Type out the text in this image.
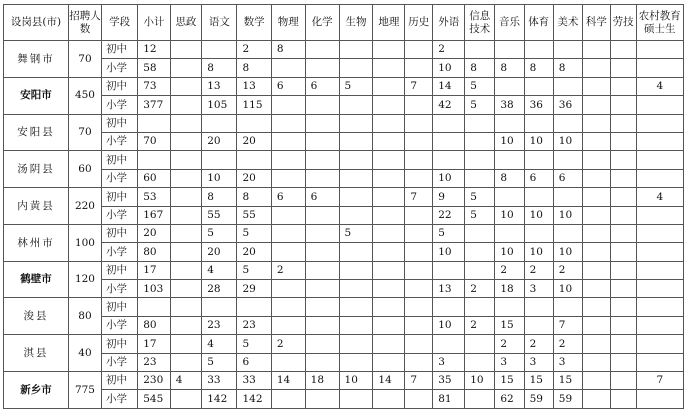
设岗县(市)	招聘人数	学段	小计	思政	语文	数学	物理	化学	生物	地理	历史	外语	信息技术	音乐	体育	美术	科学	劳技	农村教育硕士生
舞钢市	70	初中	12			2	8					2							
		小学	58		8	8						10	8	8	8	8			
安阳市	450	初中	73		13	13	6	6	5		7	14	5						4
		小学	377		105	115						42	5	38	36	36			
安阳县	70	初中																	
		小学	70		20	20								10	10	10			
汤阴县	60	初中																	
		小学	60		10	20						10		8	6	6			
内黄县	220	初中	53		8	8	6	6			7	9	5						4
		小学	167		55	55						22	5	10	10	10			
林州市	100	初中	20		5	5			5			5							
		小学	80		20	20						10		10	10	10			
鹤壁市	120	初中	17		4	5	2							2	2	2			
		小学	103		28	29						13	2	18	3	10			
浚县	80	初中																	
		小学	80		23	23						10	2	15		7			
淇县	40	初中	17		4	5	2							2	2	2			
		小学	23		5	6						3		3	3	3			
新乡市	775	初中	230	4	33	33	14	18	10	14	7	35	10	15	15	15			7
		小学	545		142	142						81		62	59	59			
